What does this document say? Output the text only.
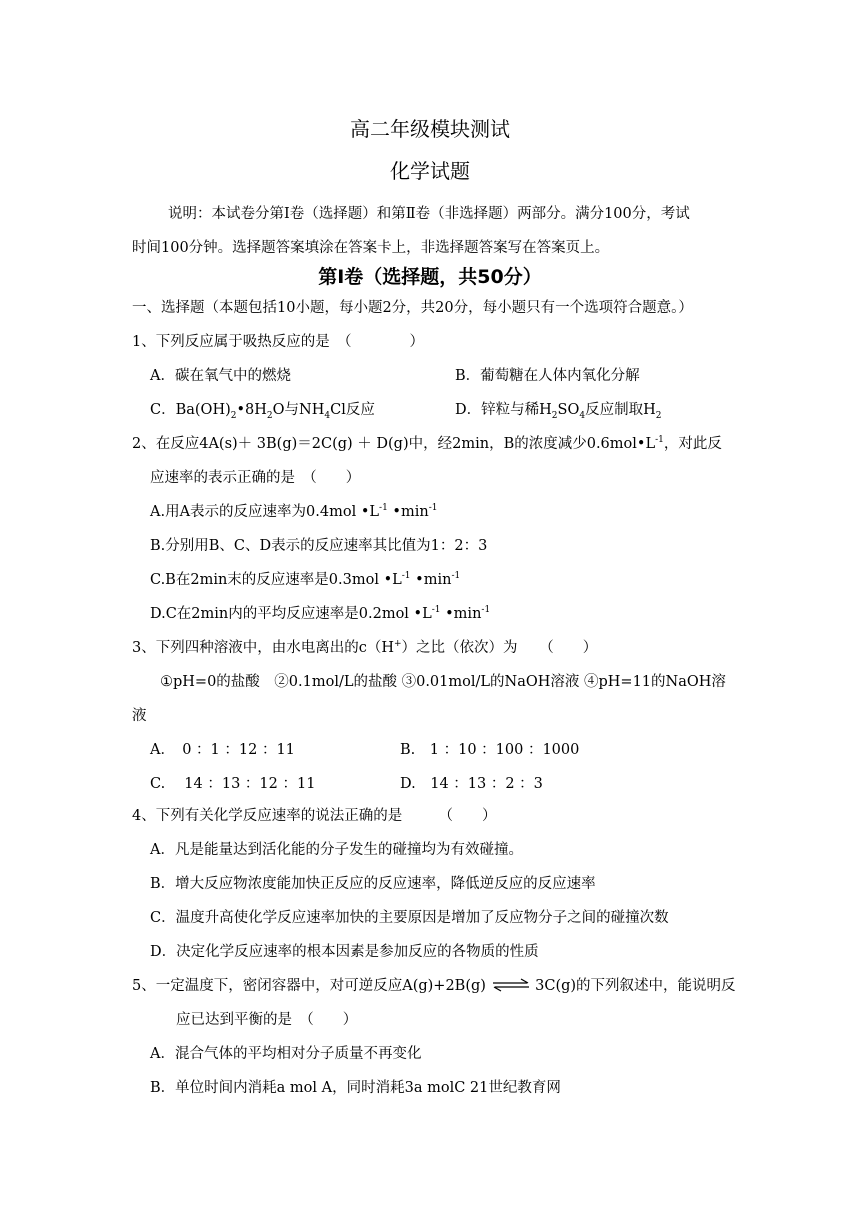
高二年级模块测试
化学试题
说明：本试卷分第Ⅰ卷（选择题）和第Ⅱ卷（非选择题）两部分。满分100分，考试
时间100分钟。选择题答案填涂在答案卡上，非选择题答案写在答案页上。
第Ⅰ卷（选择题，共50分）
一、选择题（本题包括10小题，每小题2分，共20分，每小题只有一个选项符合题意。）
1、下列反应属于吸热反应的是　（　　　　）
A．碳在氧气中的燃烧	B．葡萄糖在人体内氧化分解
C．$Ba(OH)_2•8H_2O$与$NH_4Cl$反应	D．锌粒与稀$H_2SO_4$反应制取$H_2$
2、在反应4A(s)＋ 3B(g)＝2C(g) ＋ D(g)中，经2min，B的浓度减少$0.6mol•L^{-1}$，对此反
应速率的表示正确的是　（　　）
A.用A表示的反应速率为0.4mol $•L^{-1}$ $•\min^{-1}$
B.分别用B、C、D表示的反应速率其比值为1：2：3
C.B在2min末的反应速率是0.3mol $•L^{-1}$ $•\min^{-1}$
D.C在2min内的平均反应速率是0.2mol $•L^{-1}$ $•\min^{-1}$
3、下列四种溶液中，由水电离出的c（H+）之比（依次）为　　（　　）
①pH=0的盐酸　②0.1mol/L的盐酸 ③0.01mol/L的NaOH溶液 ④pH=11的NaOH溶
液
A．　0 ：1 ：12 ：11	B.　1 ：10 ：100 ：1000
C.　 14 ：13 ：12 ：11	D.　14 ：13 ：2 ：3
4、下列有关化学反应速率的说法正确的是　　　（　　）
A．凡是能量达到活化能的分子发生的碰撞均为有效碰撞。
B．增大反应物浓度能加快正反应的反应速率，降低逆反应的反应速率
C．温度升高使化学反应速率加快的主要原因是增加了反应物分子之间的碰撞次数
D．决定化学反应速率的根本因素是参加反应的各物质的性质
5、一定温度下，密闭容器中，对可逆反应A(g)+2B(g) ⇌ 3C(g)的下列叙述中，能说明反
应已达到平衡的是　（　　）
A．混合气体的平均相对分子质量不再变化
B．单位时间内消耗a mol A，同时消耗3a molC 21世纪教育网
